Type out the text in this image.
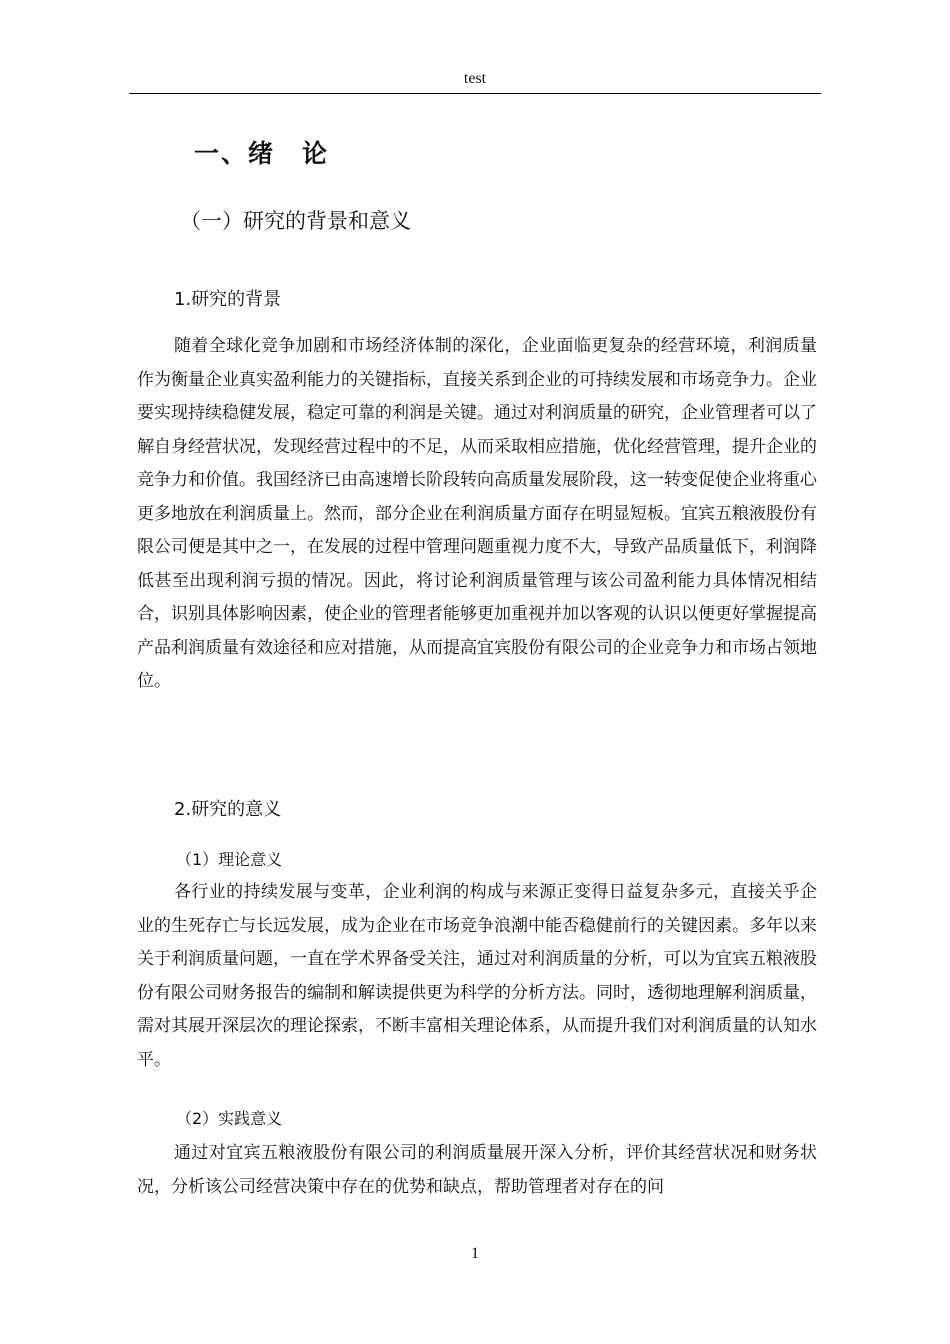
test
一、绪　论
（一）研究的背景和意义
1.研究的背景

随着全球化竞争加剧和市场经济体制的深化，企业面临更复杂的经营环境，利润质量作为衡量企业真实盈利能力的关键指标，直接关系到企业的可持续发展和市场竞争力。企业要实现持续稳健发展，稳定可靠的利润是关键。通过对利润质量的研究，企业管理者可以了解自身经营状况，发现经营过程中的不足，从而采取相应措施，优化经营管理，提升企业的竞争力和价值。我国经济已由高速增长阶段转向高质量发展阶段，这一转变促使企业将重心更多地放在利润质量上。然而，部分企业在利润质量方面存在明显短板。宜宾五粮液股份有限公司便是其中之一，在发展的过程中管理问题重视力度不大，导致产品质量低下，利润降低甚至出现利润亏损的情况。因此，将讨论利润质量管理与该公司盈利能力具体情况相结合，识别具体影响因素，使企业的管理者能够更加重视并加以客观的认识以便更好掌握提高产品利润质量有效途径和应对措施，从而提高宜宾股份有限公司的企业竞争力和市场占领地位。

2.研究的意义
（1）理论意义

各行业的持续发展与变革，企业利润的构成与来源正变得日益复杂多元，直接关乎企业的生死存亡与长远发展，成为企业在市场竞争浪潮中能否稳健前行的关键因素。多年以来关于利润质量问题，一直在学术界备受关注，通过对利润质量的分析，可以为宜宾五粮液股份有限公司财务报告的编制和解读提供更为科学的分析方法。同时，透彻地理解利润质量，需对其展开深层次的理论探索，不断丰富相关理论体系，从而提升我们对利润质量的认知水平。

（2）实践意义

通过对宜宾五粮液股份有限公司的利润质量展开深入分析，评价其经营状况和财务状况，分析该公司经营决策中存在的优势和缺点，帮助管理者对存在的问

1
